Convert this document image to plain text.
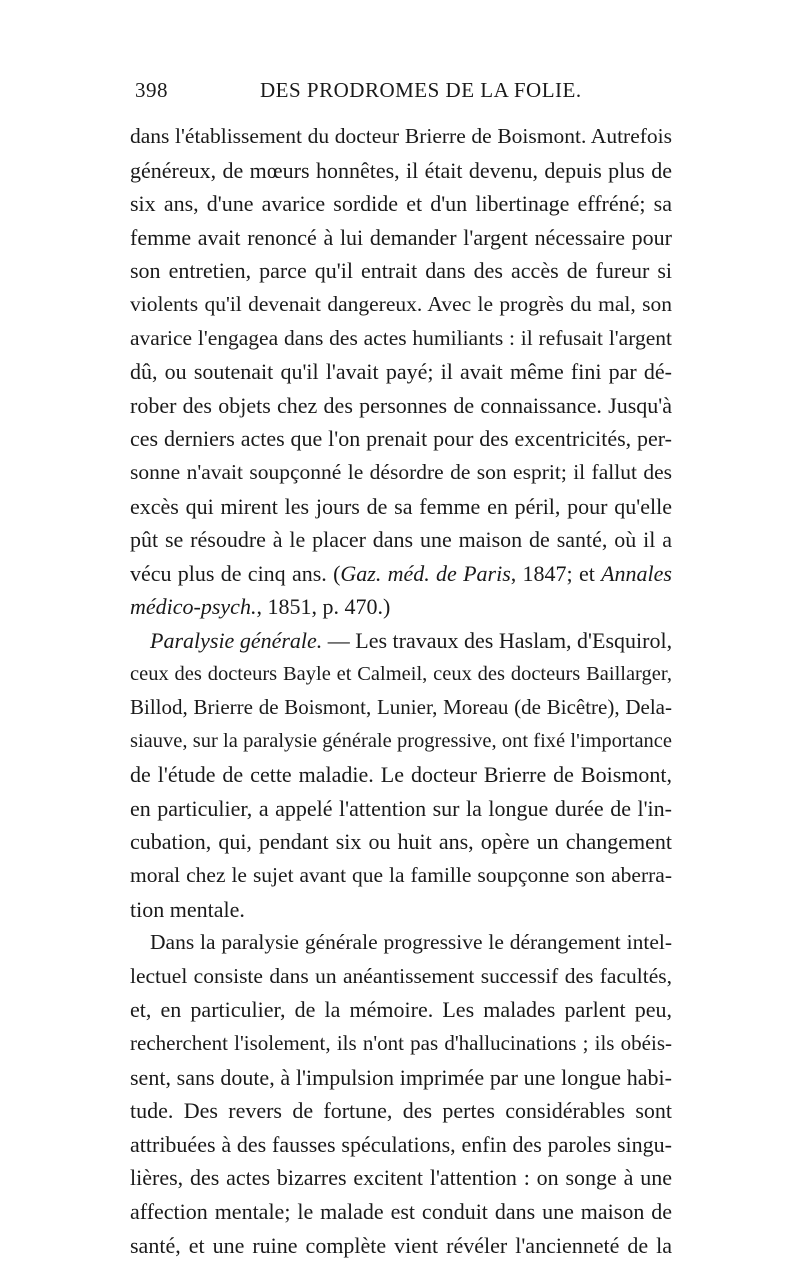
398	DES PRODROMES DE LA FOLIE.
dans l'établissement du docteur Brierre de Boismont. Autrefois
généreux, de mœurs honnêtes, il était devenu, depuis plus de
six ans, d'une avarice sordide et d'un libertinage effréné; sa
femme avait renoncé à lui demander l'argent nécessaire pour
son entretien, parce qu'il entrait dans des accès de fureur si
violents qu'il devenait dangereux. Avec le progrès du mal, son
avarice l'engagea dans des actes humiliants : il refusait l'argent
dû, ou soutenait qu'il l'avait payé; il avait même fini par dé-
rober des objets chez des personnes de connaissance. Jusqu'à
ces derniers actes que l'on prenait pour des excentricités, per-
sonne n'avait soupçonné le désordre de son esprit; il fallut des
excès qui mirent les jours de sa femme en péril, pour qu'elle
pût se résoudre à le placer dans une maison de santé, où il a
vécu plus de cinq ans. (Gaz. méd. de Paris, 1847; et Annales
médico-psych., 1851, p. 470.)
Paralysie générale. — Les travaux des Haslam, d'Esquirol,
ceux des docteurs Bayle et Calmeil, ceux des docteurs Baillarger,
Billod, Brierre de Boismont, Lunier, Moreau (de Bicêtre), Dela-
siauve, sur la paralysie générale progressive, ont fixé l'importance
de l'étude de cette maladie. Le docteur Brierre de Boismont,
en particulier, a appelé l'attention sur la longue durée de l'in-
cubation, qui, pendant six ou huit ans, opère un changement
moral chez le sujet avant que la famille soupçonne son aberra-
tion mentale.
Dans la paralysie générale progressive le dérangement intel-
lectuel consiste dans un anéantissement successif des facultés,
et, en particulier, de la mémoire. Les malades parlent peu,
recherchent l'isolement, ils n'ont pas d'hallucinations ; ils obéis-
sent, sans doute, à l'impulsion imprimée par une longue habi-
tude. Des revers de fortune, des pertes considérables sont
attribuées à des fausses spéculations, enfin des paroles singu-
lières, des actes bizarres excitent l'attention : on songe à une
affection mentale; le malade est conduit dans une maison de
santé, et une ruine complète vient révéler l'ancienneté de la
